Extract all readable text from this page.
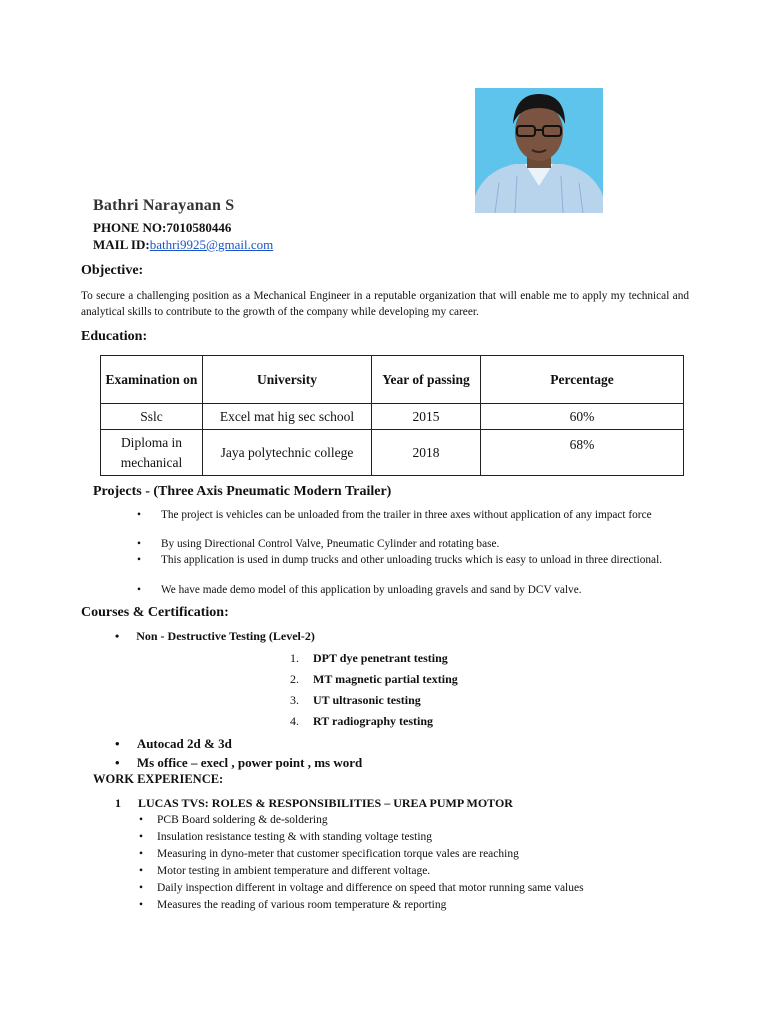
Bathri Narayanan S
PHONE NO:7010580446
MAIL ID:bathri9925@gmail.com
Objective:
To secure a challenging position as a Mechanical Engineer in a reputable organization that will enable me to apply my technical and analytical skills to contribute to the growth of the company while developing my career.
Education:
Examination on	University	Year of passing	Percentage
Sslc	Excel mat hig sec school	2015	60%
Diploma in mechanical	Jaya polytechnic college	2018	68%
Projects - (Three Axis Pneumatic Modern Trailer)
• The project is vehicles can be unloaded from the trailer in three axes without application of any impact force
• By using Directional Control Valve, Pneumatic Cylinder and rotating base.
• This application is used in dump trucks and other unloading trucks which is easy to unload in three directional.
• We have made demo model of this application by unloading gravels and sand by DCV valve.
Courses & Certification:
• Non - Destructive Testing (Level-2)
1. DPT dye penetrant testing
2. MT magnetic partial texting
3. UT ultrasonic testing
4. RT radiography testing
• Autocad 2d & 3d
• Ms office – execl , power point , ms word
WORK EXPERIENCE:
1 LUCAS TVS: ROLES & RESPONSIBILITIES – UREA PUMP MOTOR
• PCB Board soldering & de-soldering
• Insulation resistance testing & with standing voltage testing
• Measuring in dyno-meter that customer specification torque vales are reaching
• Motor testing in ambient temperature and different voltage.
• Daily inspection different in voltage and difference on speed that motor running same values
• Measures the reading of various room temperature & reporting
